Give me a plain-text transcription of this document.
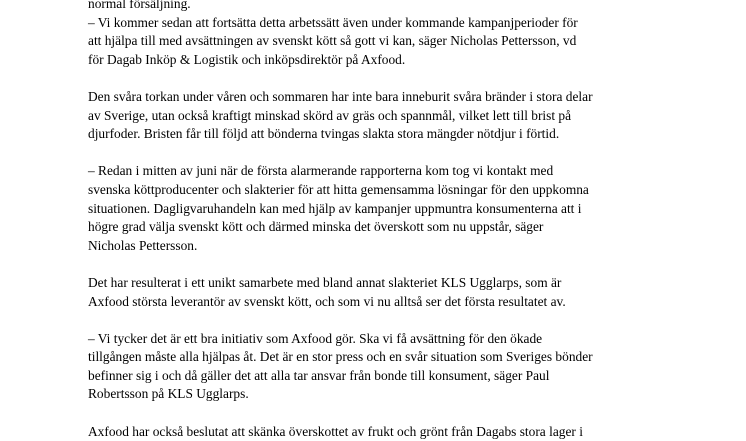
normal försäljning.
– Vi kommer sedan att fortsätta detta arbetssätt även under kommande kampanjperioder för
att hjälpa till med avsättningen av svenskt kött så gott vi kan, säger Nicholas Pettersson, vd
för Dagab Inköp & Logistik och inköpsdirektör på Axfood.
Den svåra torkan under våren och sommaren har inte bara inneburit svåra bränder i stora delar
av Sverige, utan också kraftigt minskad skörd av gräs och spannmål, vilket lett till brist på
djurfoder. Bristen får till följd att bönderna tvingas slakta stora mängder nötdjur i förtid.
– Redan i mitten av juni när de första alarmerande rapporterna kom tog vi kontakt med
svenska köttproducenter och slakterier för att hitta gemensamma lösningar för den uppkomna
situationen. Dagligvaruhandeln kan med hjälp av kampanjer uppmuntra konsumenterna att i
högre grad välja svenskt kött och därmed minska det överskott som nu uppstår, säger
Nicholas Pettersson.
Det har resulterat i ett unikt samarbete med bland annat slakteriet KLS Ugglarps, som är
Axfood största leverantör av svenskt kött, och som vi nu alltså ser det första resultatet av.
– Vi tycker det är ett bra initiativ som Axfood gör. Ska vi få avsättning för den ökade
tillgången måste alla hjälpas åt. Det är en stor press och en svår situation som Sveriges bönder
befinner sig i och då gäller det att alla tar ansvar från bonde till konsument, säger Paul
Robertsson på KLS Ugglarps.
Axfood har också beslutat att skänka överskottet av frukt och grönt från Dagabs stora lager i
